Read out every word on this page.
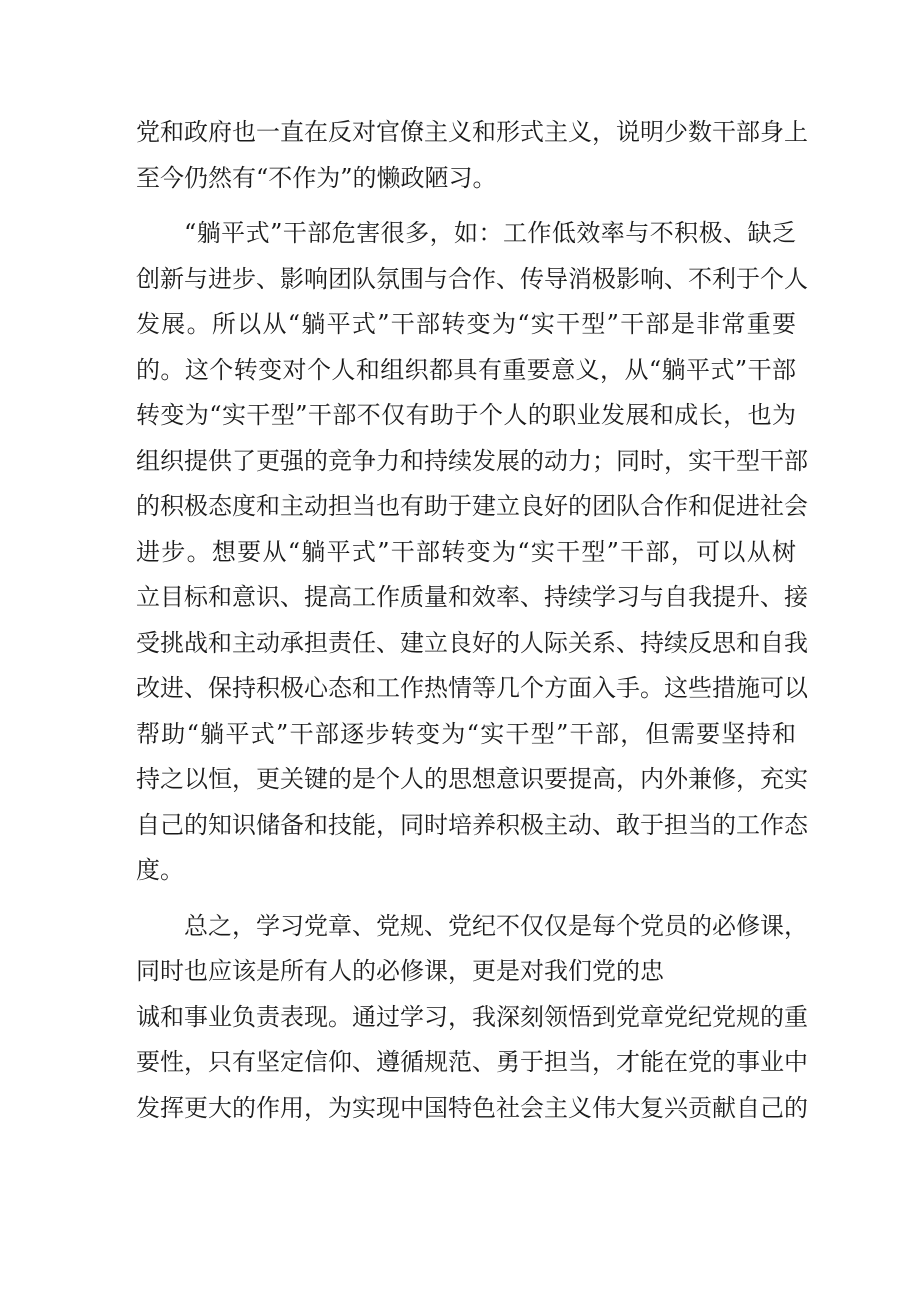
党和政府也一直在反对官僚主义和形式主义，说明少数干部身上
至今仍然有“不作为”的懒政陋习。
“躺平式”干部危害很多，如：工作低效率与不积极、缺乏
创新与进步、影响团队氛围与合作、传导消极影响、不利于个人
发展。所以从“躺平式”干部转变为“实干型”干部是非常重要
的。这个转变对个人和组织都具有重要意义，从“躺平式”干部
转变为“实干型”干部不仅有助于个人的职业发展和成长，也为
组织提供了更强的竞争力和持续发展的动力；同时，实干型干部
的积极态度和主动担当也有助于建立良好的团队合作和促进社会
进步。想要从“躺平式”干部转变为“实干型”干部，可以从树
立目标和意识、提高工作质量和效率、持续学习与自我提升、接
受挑战和主动承担责任、建立良好的人际关系、持续反思和自我
改进、保持积极心态和工作热情等几个方面入手。这些措施可以
帮助“躺平式”干部逐步转变为“实干型”干部，但需要坚持和
持之以恒，更关键的是个人的思想意识要提高，内外兼修，充实
自己的知识储备和技能，同时培养积极主动、敢于担当的工作态
度。
总之，学习党章、党规、党纪不仅仅是每个党员的必修课，
同时也应该是所有人的必修课，更是对我们党的忠
诚和事业负责表现。通过学习，我深刻领悟到党章党纪党规的重
要性，只有坚定信仰、遵循规范、勇于担当，才能在党的事业中
发挥更大的作用，为实现中国特色社会主义伟大复兴贡献自己的
